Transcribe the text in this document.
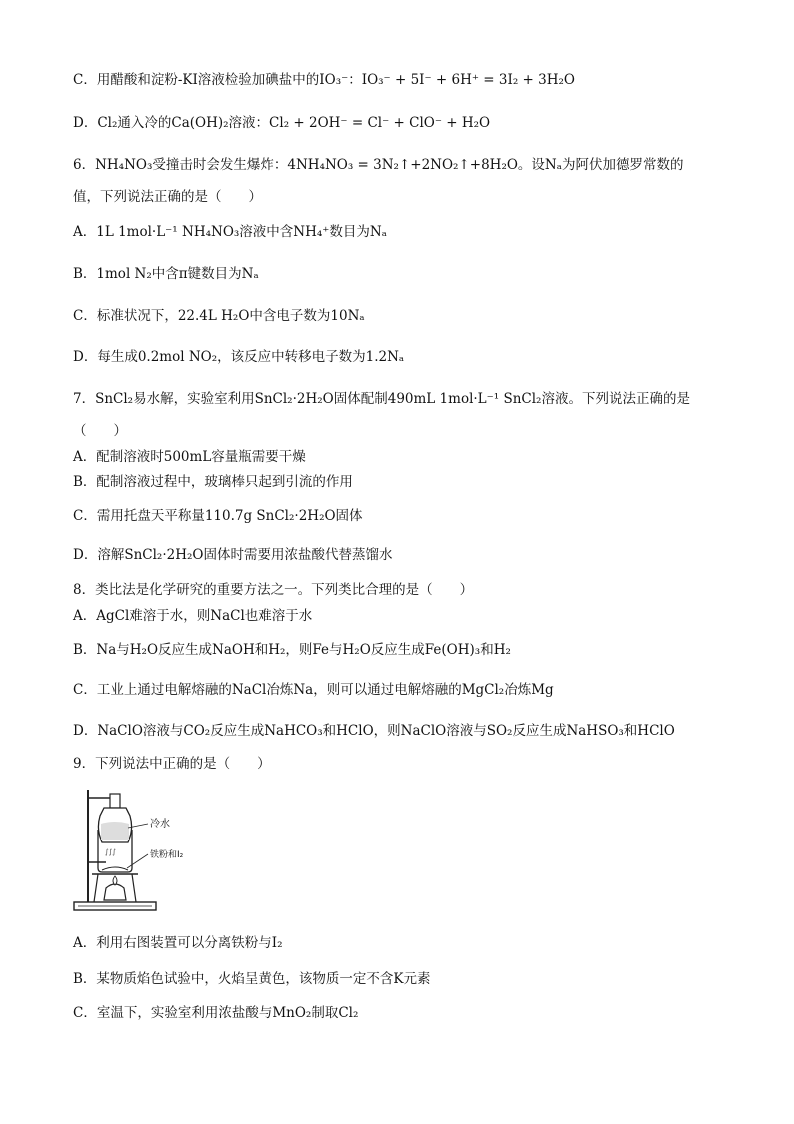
C．用醋酸和淀粉-KI溶液检验加碘盐中的IO₃⁻：IO₃⁻ + 5I⁻ + 6H⁺ = 3I₂ + 3H₂O
D．Cl₂通入冷的Ca(OH)₂溶液：Cl₂ + 2OH⁻ = Cl⁻ + ClO⁻ + H₂O
6．NH₄NO₃受撞击时会发生爆炸：4NH₄NO₃ = 3N₂↑+2NO₂↑+8H₂O。设Nₐ为阿伏加德罗常数的
值，下列说法正确的是（　　）
A．1L 1mol·L⁻¹ NH₄NO₃溶液中含NH₄⁺数目为Nₐ
B．1mol N₂中含π键数目为Nₐ
C．标准状况下，22.4L H₂O中含电子数为10Nₐ
D．每生成0.2mol NO₂，该反应中转移电子数为1.2Nₐ
7．SnCl₂易水解，实验室利用SnCl₂·2H₂O固体配制490mL 1mol·L⁻¹ SnCl₂溶液。下列说法正确的是
（　　）
A．配制溶液时500mL容量瓶需要干燥
B．配制溶液过程中，玻璃棒只起到引流的作用
C．需用托盘天平称量110.7g SnCl₂·2H₂O固体
D．溶解SnCl₂·2H₂O固体时需要用浓盐酸代替蒸馏水
8．类比法是化学研究的重要方法之一。下列类比合理的是（　　）
A．AgCl难溶于水，则NaCl也难溶于水
B．Na与H₂O反应生成NaOH和H₂，则Fe与H₂O反应生成Fe(OH)₃和H₂
C．工业上通过电解熔融的NaCl冶炼Na，则可以通过电解熔融的MgCl₂冶炼Mg
D．NaClO溶液与CO₂反应生成NaHCO₃和HClO，则NaClO溶液与SO₂反应生成NaHSO₃和HClO
9．下列说法中正确的是（　　）
∫∫∫
冷水
铁粉和I₂
A．利用右图装置可以分离铁粉与I₂
B．某物质焰色试验中，火焰呈黄色，该物质一定不含K元素
C．室温下，实验室利用浓盐酸与MnO₂制取Cl₂
